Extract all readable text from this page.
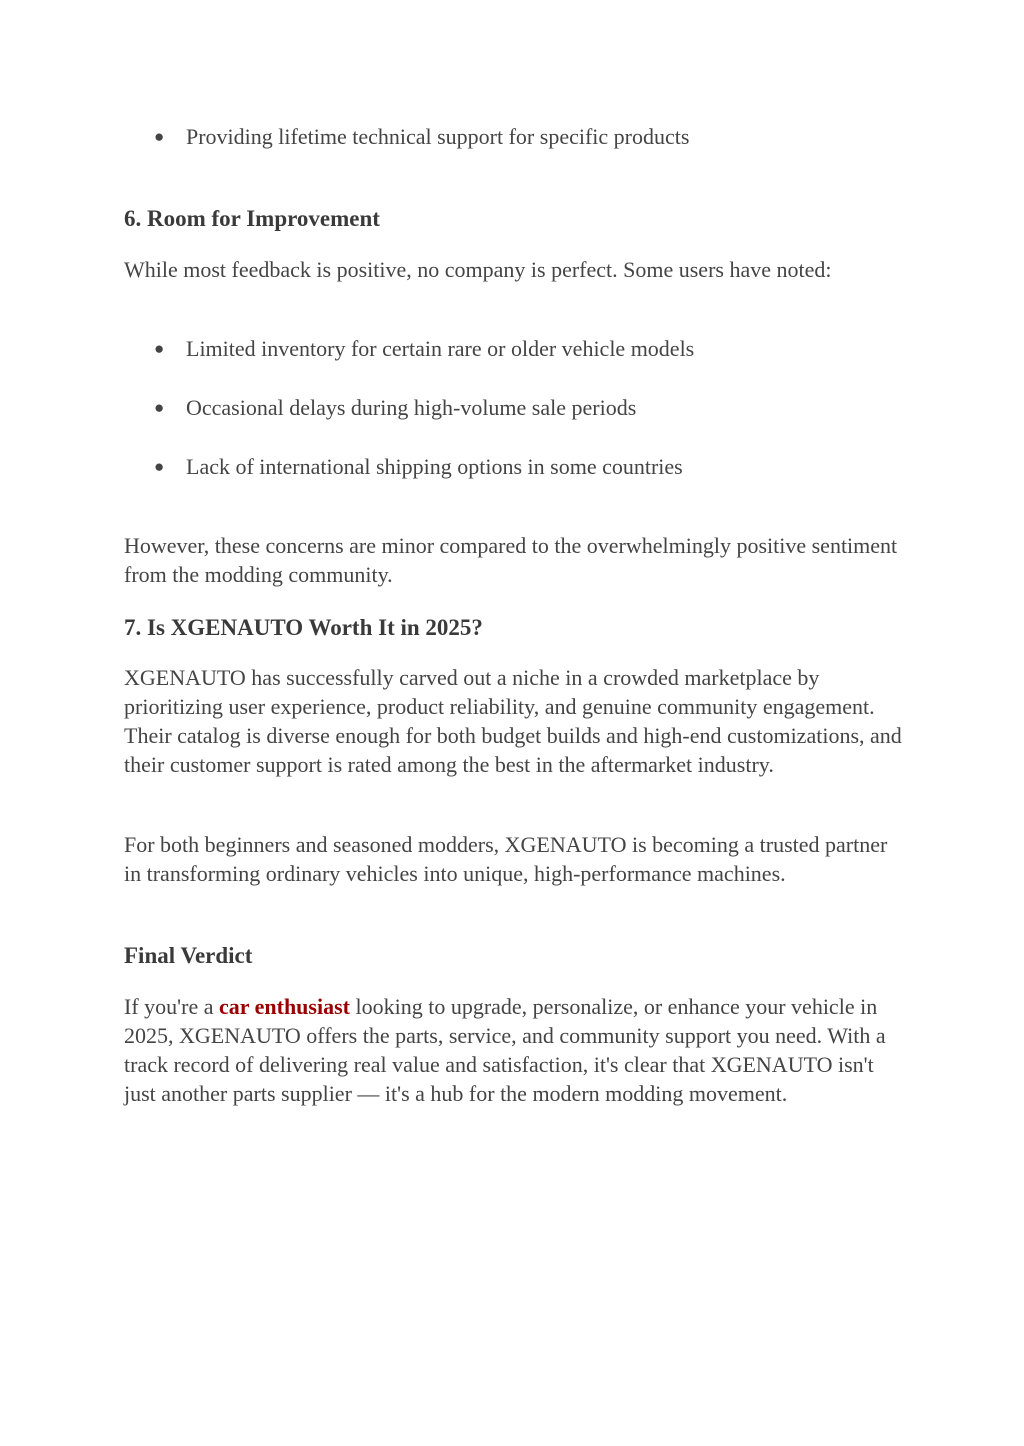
● Providing lifetime technical support for specific products

6. Room for Improvement

While most feedback is positive, no company is perfect. Some users have noted:

● Limited inventory for certain rare or older vehicle models
● Occasional delays during high-volume sale periods
● Lack of international shipping options in some countries

However, these concerns are minor compared to the overwhelmingly positive sentiment from the modding community.

7. Is XGENAUTO Worth It in 2025?

XGENAUTO has successfully carved out a niche in a crowded marketplace by prioritizing user experience, product reliability, and genuine community engagement. Their catalog is diverse enough for both budget builds and high-end customizations, and their customer support is rated among the best in the aftermarket industry.

For both beginners and seasoned modders, XGENAUTO is becoming a trusted partner in transforming ordinary vehicles into unique, high-performance machines.

Final Verdict

If you're a car enthusiast looking to upgrade, personalize, or enhance your vehicle in 2025, XGENAUTO offers the parts, service, and community support you need. With a track record of delivering real value and satisfaction, it's clear that XGENAUTO isn't just another parts supplier — it's a hub for the modern modding movement.
